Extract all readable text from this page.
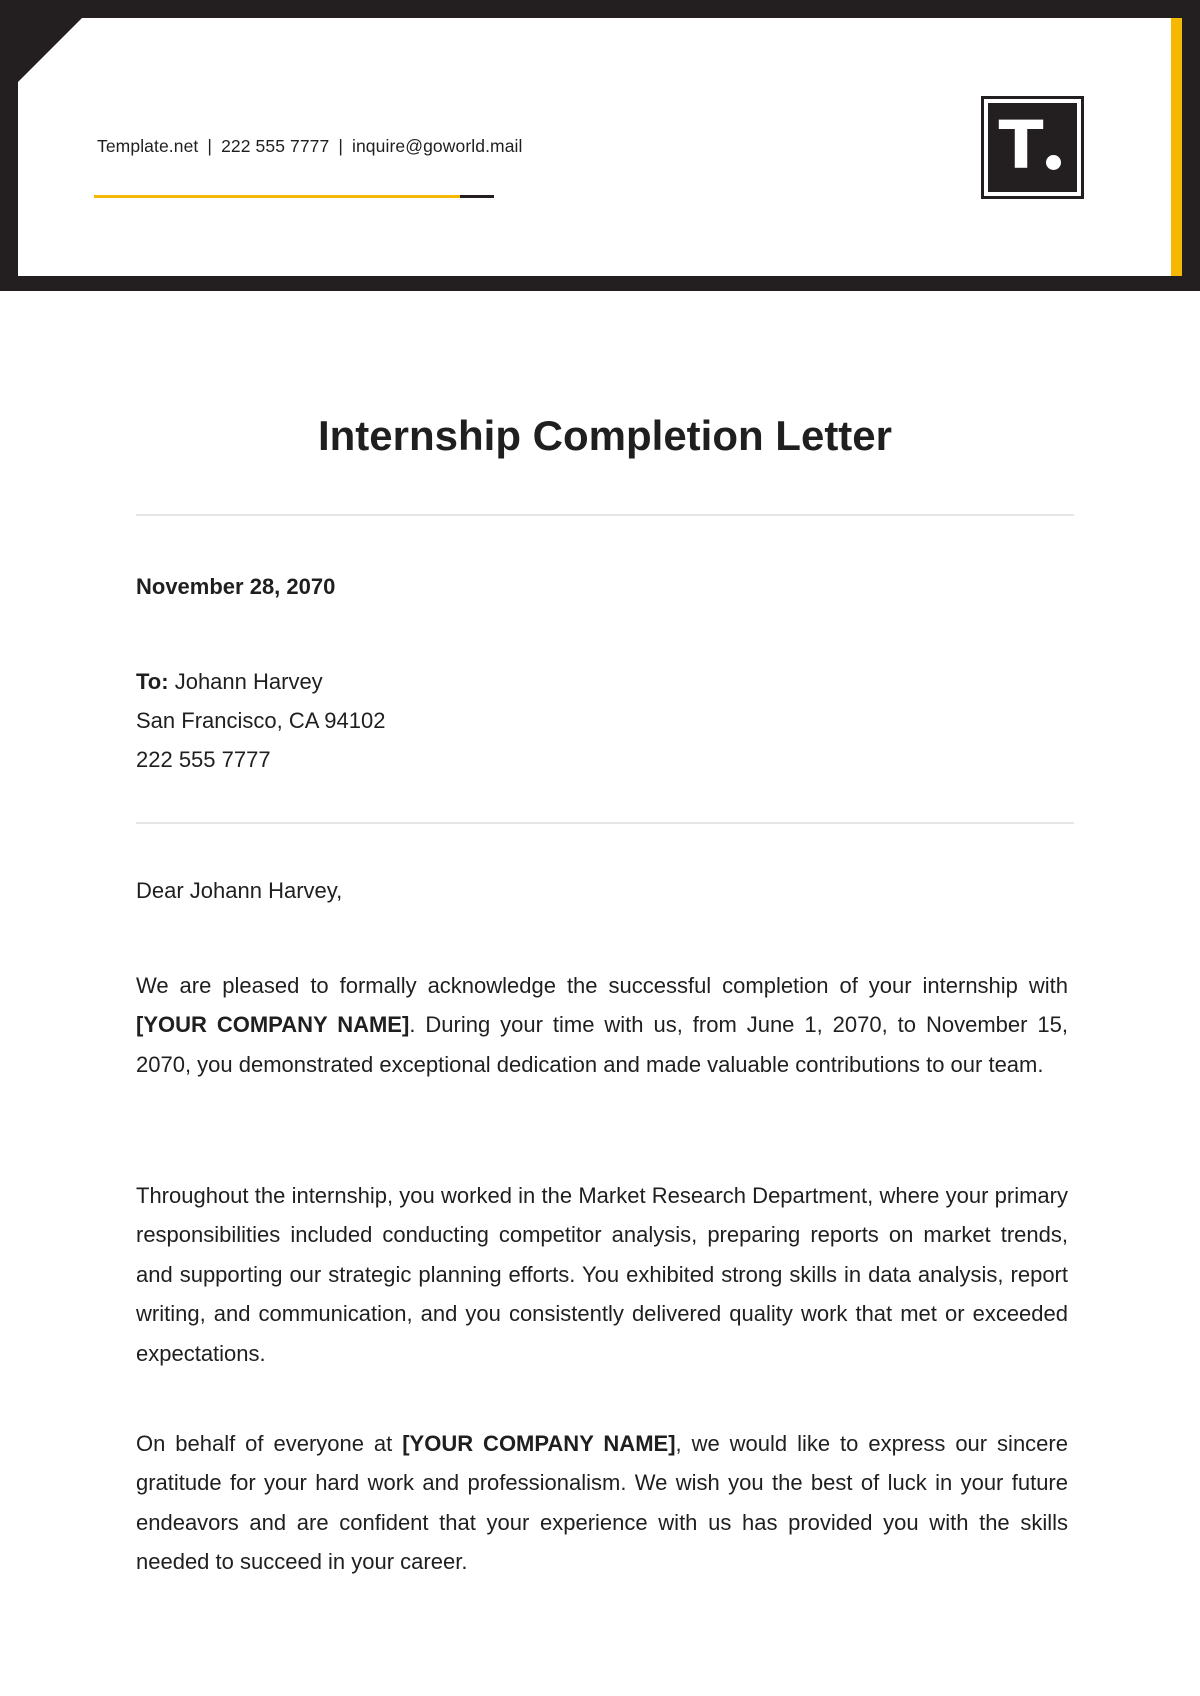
Template.net | 222 555 7777 | inquire@goworld.mail	T
Internship Completion Letter
November 28, 2070
To: Johann Harvey
San Francisco, CA 94102
222 555 7777
Dear Johann Harvey,
We are pleased to formally acknowledge the successful completion of your internship with [YOUR COMPANY NAME]. During your time with us, from June 1, 2070, to November 15, 2070, you demonstrated exceptional dedication and made valuable contributions to our team.
Throughout the internship, you worked in the Market Research Department, where your primary responsibilities included conducting competitor analysis, preparing reports on market trends, and supporting our strategic planning efforts. You exhibited strong skills in data analysis, report writing, and communication, and you consistently delivered quality work that met or exceeded expectations.
On behalf of everyone at [YOUR COMPANY NAME], we would like to express our sincere gratitude for your hard work and professionalism. We wish you the best of luck in your future endeavors and are confident that your experience with us has provided you with the skills needed to succeed in your career.
